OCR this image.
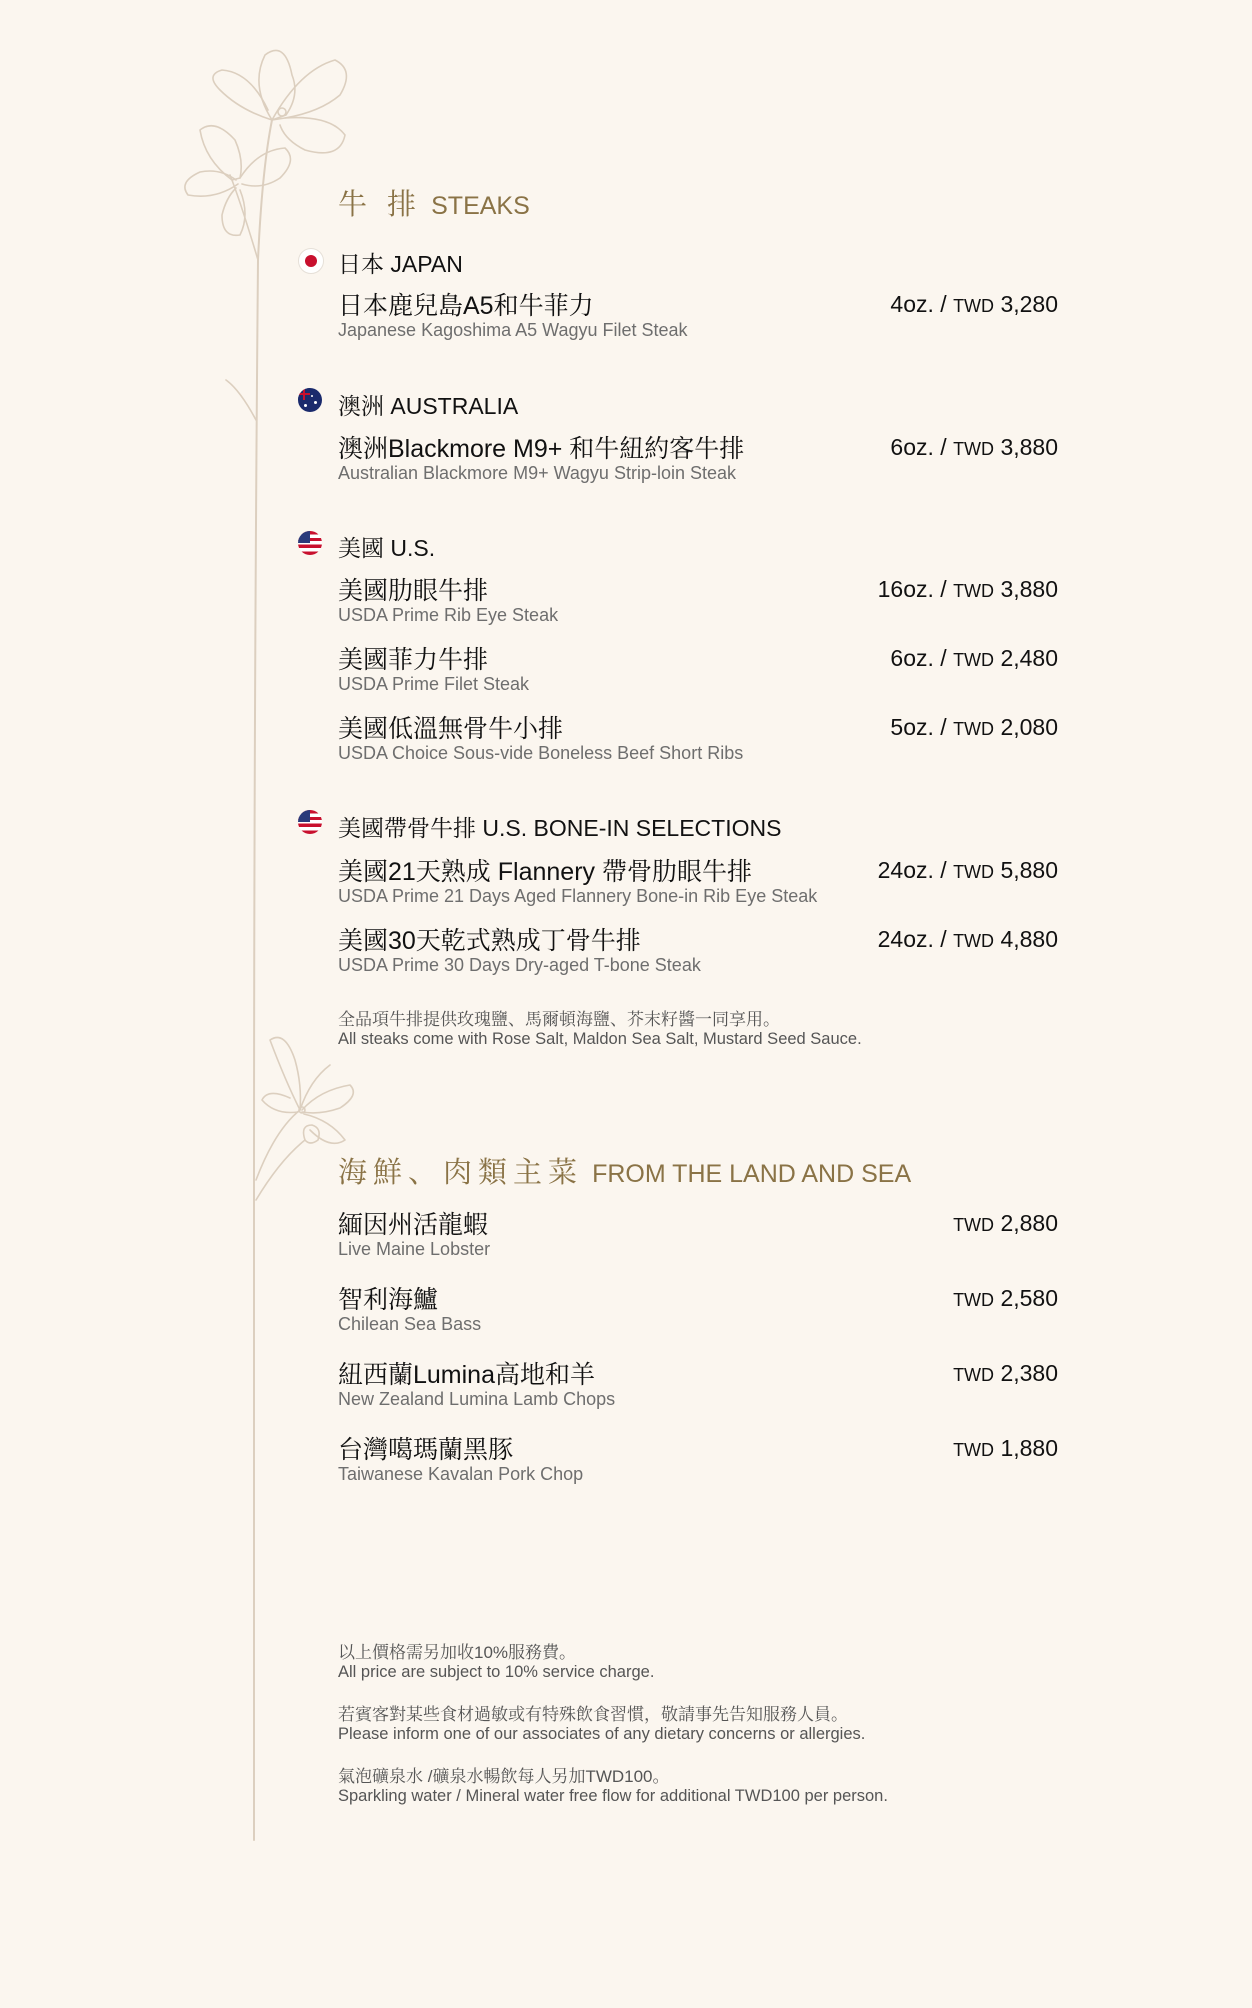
牛 排 STEAKS
日本 JAPAN
日本鹿兒島A5和牛菲力
Japanese Kagoshima A5 Wagyu Filet Steak
4oz. / TWD 3,280
澳洲 AUSTRALIA
澳洲Blackmore M9+ 和牛紐約客牛排
Australian Blackmore M9+ Wagyu Strip-loin Steak
6oz. / TWD 3,880
美國 U.S.
美國肋眼牛排
USDA Prime Rib Eye Steak
16oz. / TWD 3,880
美國菲力牛排
USDA Prime Filet Steak
6oz. / TWD 2,480
美國低溫無骨牛小排
USDA Choice Sous-vide Boneless Beef Short Ribs
5oz. / TWD 2,080
美國帶骨牛排 U.S. BONE-IN SELECTIONS
美國21天熟成 Flannery 帶骨肋眼牛排
USDA Prime 21 Days Aged Flannery Bone-in Rib Eye Steak
24oz. / TWD 5,880
美國30天乾式熟成丁骨牛排
USDA Prime 30 Days Dry-aged T-bone Steak
24oz. / TWD 4,880
全品項牛排提供玫瑰鹽、馬爾頓海鹽、芥末籽醬一同享用。
All steaks come with Rose Salt, Maldon Sea Salt, Mustard Seed Sauce.
海鮮、肉類主菜 FROM THE LAND AND SEA
緬因州活龍蝦
Live Maine Lobster
TWD 2,880
智利海鱸
Chilean Sea Bass
TWD 2,580
紐西蘭Lumina高地和羊
New Zealand Lumina Lamb Chops
TWD 2,380
台灣噶瑪蘭黑豚
Taiwanese Kavalan Pork Chop
TWD 1,880
以上價格需另加收10%服務費。
All price are subject to 10% service charge.
若賓客對某些食材過敏或有特殊飲食習慣，敬請事先告知服務人員。
Please inform one of our associates of any dietary concerns or allergies.
氣泡礦泉水 /礦泉水暢飲每人另加TWD100。
Sparkling water / Mineral water free flow for additional TWD100 per person.
